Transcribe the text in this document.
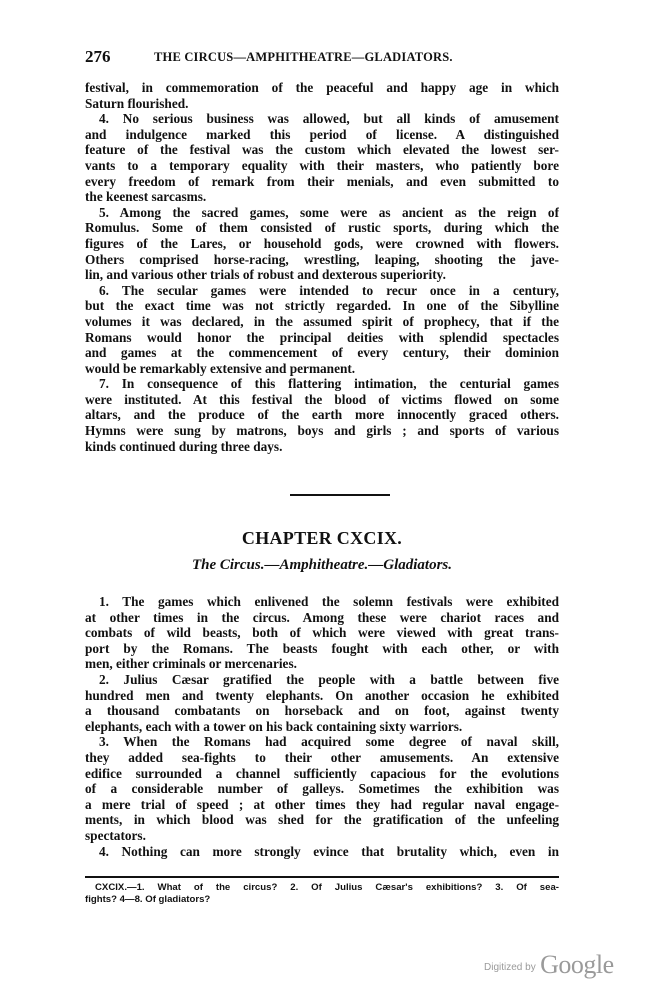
276	THE CIRCUS—AMPHITHEATRE—GLADIATORS.
festival, in commemoration of the peaceful and happy age in which
Saturn flourished.
4. No serious business was allowed, but all kinds of amusement
and indulgence marked this period of license. A distinguished
feature of the festival was the custom which elevated the lowest ser-
vants to a temporary equality with their masters, who patiently bore
every freedom of remark from their menials, and even submitted to
the keenest sarcasms.
5. Among the sacred games, some were as ancient as the reign of
Romulus. Some of them consisted of rustic sports, during which the
figures of the Lares, or household gods, were crowned with flowers.
Others comprised horse-racing, wrestling, leaping, shooting the jave-
lin, and various other trials of robust and dexterous superiority.
6. The secular games were intended to recur once in a century,
but the exact time was not strictly regarded. In one of the Sibylline
volumes it was declared, in the assumed spirit of prophecy, that if the
Romans would honor the principal deities with splendid spectacles
and games at the commencement of every century, their dominion
would be remarkably extensive and permanent.
7. In consequence of this flattering intimation, the centurial games
were instituted. At this festival the blood of victims flowed on some
altars, and the produce of the earth more innocently graced others.
Hymns were sung by matrons, boys and girls ; and sports of various
kinds continued during three days.
CHAPTER CXCIX.
The Circus.—Amphitheatre.—Gladiators.
1. The games which enlivened the solemn festivals were exhibited
at other times in the circus. Among these were chariot races and
combats of wild beasts, both of which were viewed with great trans-
port by the Romans. The beasts fought with each other, or with
men, either criminals or mercenaries.
2. Julius Cæsar gratified the people with a battle between five
hundred men and twenty elephants. On another occasion he exhibited
a thousand combatants on horseback and on foot, against twenty
elephants, each with a tower on his back containing sixty warriors.
3. When the Romans had acquired some degree of naval skill,
they added sea-fights to their other amusements. An extensive
edifice surrounded a channel sufficiently capacious for the evolutions
of a considerable number of galleys. Sometimes the exhibition was
a mere trial of speed ; at other times they had regular naval engage-
ments, in which blood was shed for the gratification of the unfeeling
spectators.
4. Nothing can more strongly evince that brutality which, even in
CXCIX.—1. What of the circus? 2. Of Julius Cæsar's exhibitions? 3. Of sea-
fights? 4—8. Of gladiators?
Digitized by Google
